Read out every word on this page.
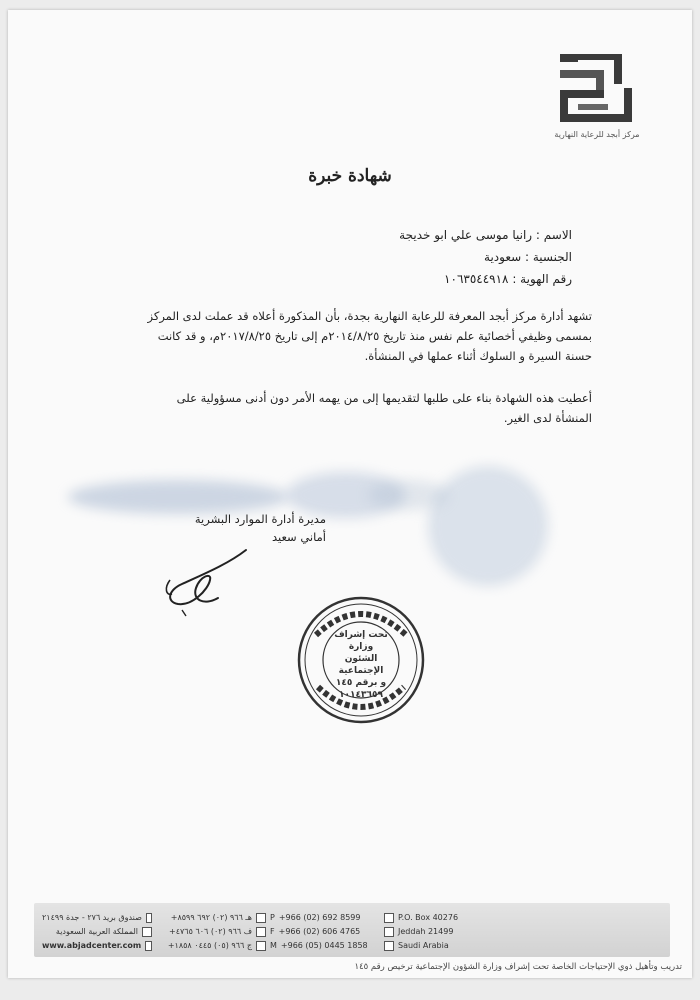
مركز أبجد للرعاية النهارية
شهادة خبرة
الاسم : رانيا موسى علي ابو خديجة
الجنسية : سعودية
رقم الهوية : ١٠٦٣٥٤٤٩١٨

تشهد أدارة مركز أبجد المعرفة للرعاية النهارية بجدة، بأن المذكورة أعلاه قد عملت لدى المركز

بمسمى وظيفي أخصائية علم نفس منذ تاريخ ٢٠١٤/٨/٢٥م إلى تاريخ ٢٠١٧/٨/٢٥م، و قد كانت

حسنة السيرة و السلوك أثناء عملها في المنشأة.

أعطيت هذه الشهادة بناء على طلبها لتقديمها إلى من يهمه الأمر دون أدنى مسؤولية على

المنشأة لدى الغير.

مديرة أدارة الموارد البشرية
أماني سعيد
تحت إشراف
وزارة
الشئون الإجتماعية
و برقم ١٤٥
١٠١٤٣٦٥٩
صندوق بريد ٢٧٦ - جدة ٢١٤٩٩
المملكة العربية السعودية
www.abjadcenter.com
هـ ٩٦٦ (٠٢) ٦٩٢ ٨٥٩٩+
ف ٩٦٦ (٠٢) ٦٠٦ ٤٧٦٥+
ج ٩٦٦ (٠٥) ٠٤٤٥ ١٨٥٨+
P +966 (02) 692 8599
F +966 (02) 606 4765
M +966 (05) 0445 1858
P.O. Box 40276
Jeddah 21499
Saudi Arabia
تدريب وتأهيل ذوي الإحتياجات الخاصة تحت إشراف وزارة الشؤون الإجتماعية ترخيص رقم ١٤٥
